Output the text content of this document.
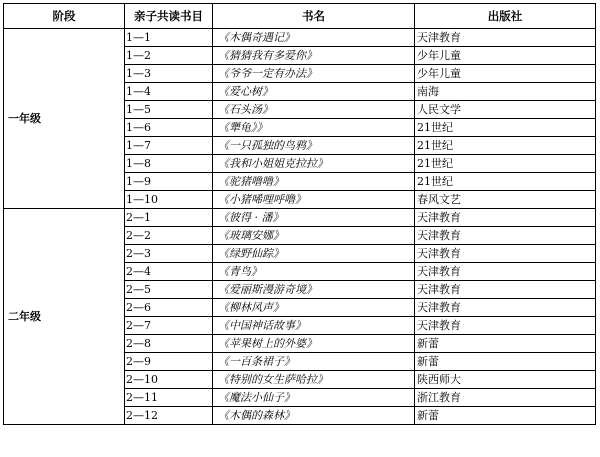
阶段	亲子共读书目	书名	出版社
一年级	1—1	《木偶奇遇记》	天津教育
	1—2	《猜猜我有多爱你》	少年儿童
	1—3	《爷爷一定有办法》	少年儿童
	1—4	《爱心树》	南海
	1—5	《石头汤》	人民文学
	1—6	《犟龟》》	21世纪
	1—7	《一只孤独的鸟鸦》	21世纪
	1—8	《我和小姐姐克拉拉》	21世纪
	1—9	《驼猪噜噜》	21世纪
	1—10	《小猪唏哩呼噜》	春风文艺
二年级	2—1	《彼得 · 潘》	天津教育
	2—2	《玻璃安娜》	天津教育
	2—3	《绿野仙踪》	天津教育
	2—4	《青鸟》	天津教育
	2—5	《爱丽斯漫游奇境》	天津教育
	2—6	《柳林风声》	天津教育
	2—7	《中国神话故事》	天津教育
	2—8	《苹果树上的外婆》	新蕾
	2—9	《一百条裙子》	新蕾
	2—10	《特别的女生萨哈拉》	陕西师大
	2—11	《魔法小仙子》	浙江教育
	2—12	《木偶的森林》	新蕾
